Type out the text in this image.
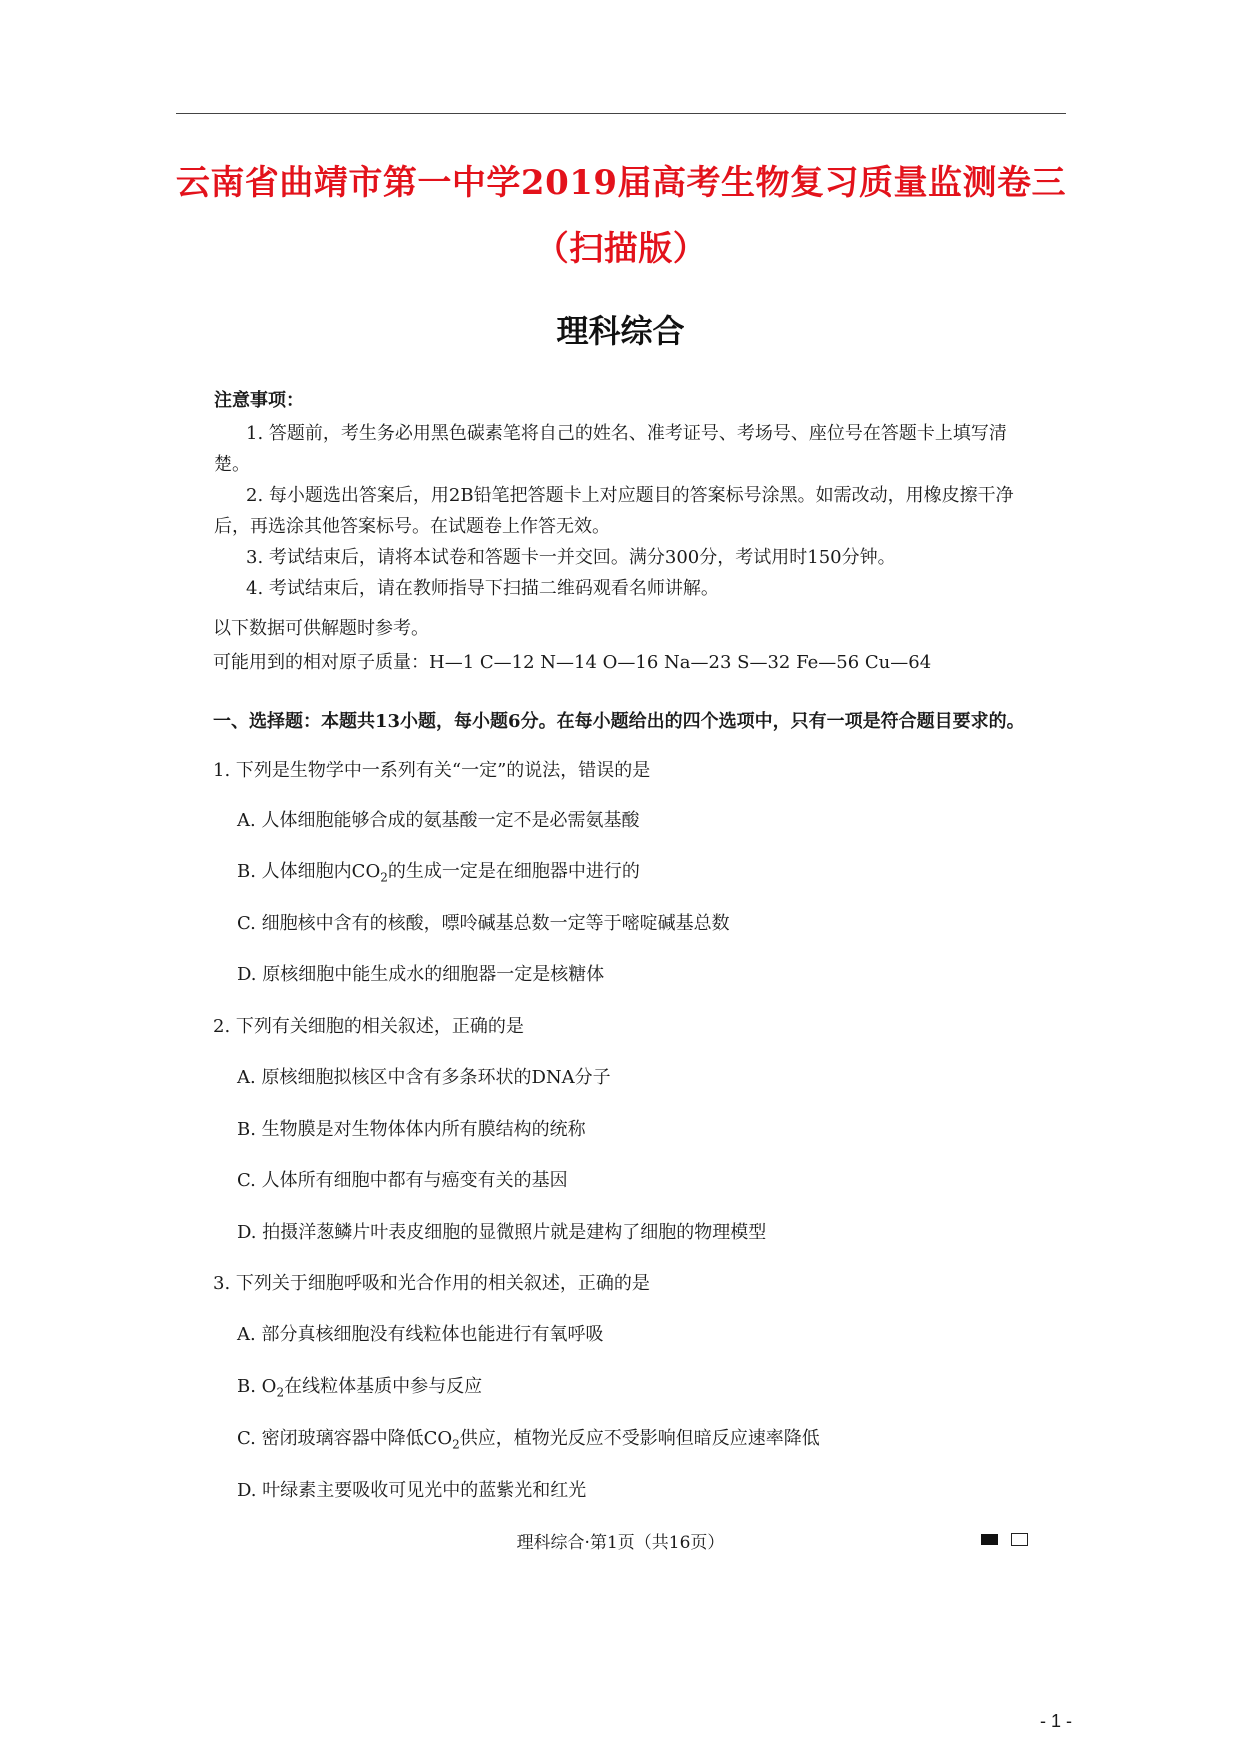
云南省曲靖市第一中学2019届高考生物复习质量监测卷三（扫描版）
理科综合

注意事项：

1. 答题前，考生务必用黑色碳素笔将自己的姓名、准考证号、考场号、座位号在答题卡上填写清楚。

2. 每小题选出答案后，用2B铅笔把答题卡上对应题目的答案标号涂黑。如需改动，用橡皮擦干净后，再选涂其他答案标号。在试题卷上作答无效。

3. 考试结束后，请将本试卷和答题卡一并交回。满分300分，考试用时150分钟。

4. 考试结束后，请在教师指导下扫描二维码观看名师讲解。

以下数据可供解题时参考。

可能用到的相对原子质量：H—1 C—12 N—14 O—16 Na—23 S—32 Fe—56 Cu—64

一、选择题：本题共13小题，每小题6分。在每小题给出的四个选项中，只有一项是符合题目要求的。
1. 下列是生物学中一系列有关“一定”的说法，错误的是
A. 人体细胞能够合成的氨基酸一定不是必需氨基酸
B. 人体细胞内$CO_2$的生成一定是在细胞器中进行的
C. 细胞核中含有的核酸，嘌呤碱基总数一定等于嘧啶碱基总数
D. 原核细胞中能生成水的细胞器一定是核糖体
2. 下列有关细胞的相关叙述，正确的是
A. 原核细胞拟核区中含有多条环状的DNA分子
B. 生物膜是对生物体体内所有膜结构的统称
C. 人体所有细胞中都有与癌变有关的基因
D. 拍摄洋葱鳞片叶表皮细胞的显微照片就是建构了细胞的物理模型
3. 下列关于细胞呼吸和光合作用的相关叙述，正确的是
A. 部分真核细胞没有线粒体也能进行有氧呼吸
B. $O_2$在线粒体基质中参与反应
C. 密闭玻璃容器中降低$CO_2$供应，植物光反应不受影响但暗反应速率降低
D. 叶绿素主要吸收可见光中的蓝紫光和红光
理科综合·第1页（共16页）
- 1 -
